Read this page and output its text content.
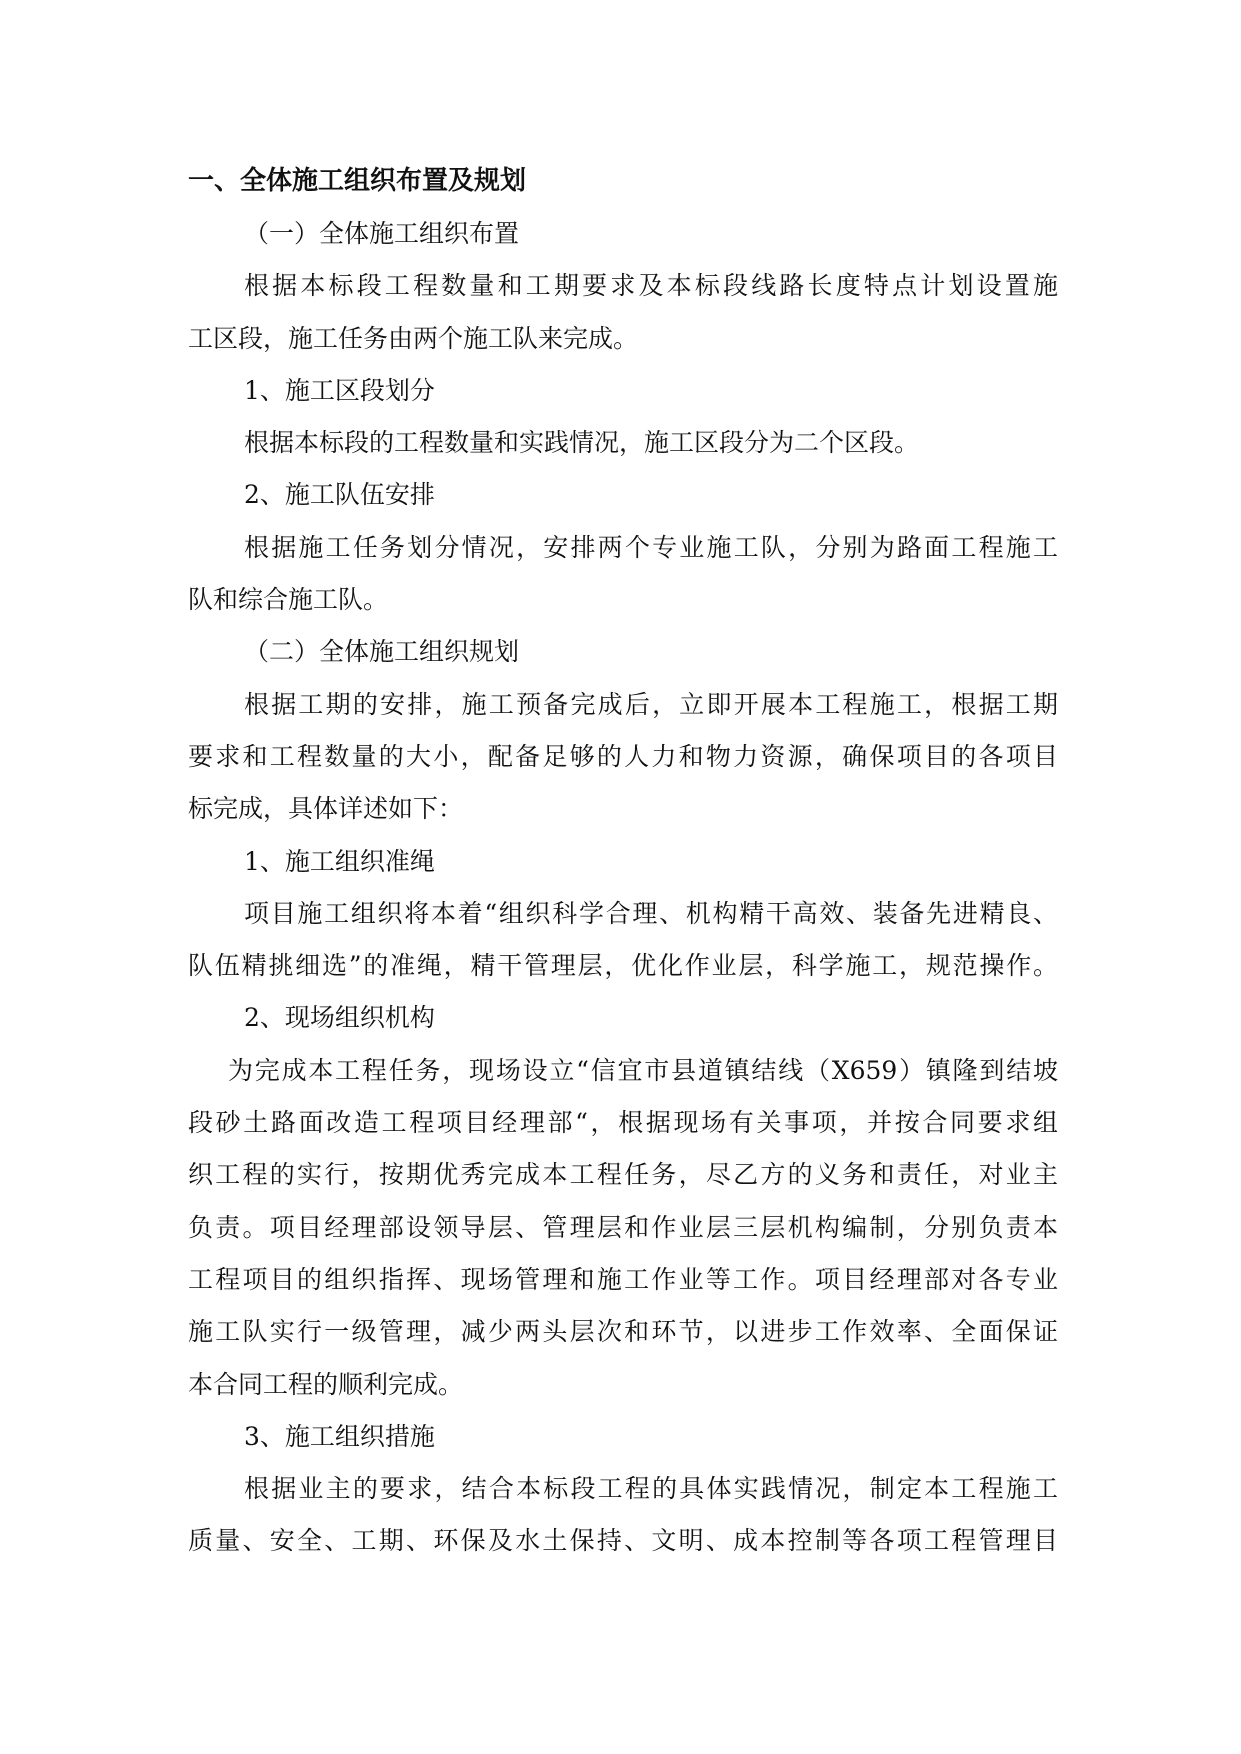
一、全体施工组织布置及规划

（一）全体施工组织布置

根据本标段工程数量和工期要求及本标段线路长度特点计划设置施

工区段，施工任务由两个施工队来完成。

1、施工区段划分

根据本标段的工程数量和实践情况，施工区段分为二个区段。

2、施工队伍安排

根据施工任务划分情况，安排两个专业施工队，分别为路面工程施工

队和综合施工队。

（二）全体施工组织规划

根据工期的安排，施工预备完成后，立即开展本工程施工，根据工期

要求和工程数量的大小，配备足够的人力和物力资源，确保项目的各项目

标完成，具体详述如下：

1、施工组织准绳

项目施工组织将本着“组织科学合理、机构精干高效、装备先进精良、

队伍精挑细选”的准绳，精干管理层，优化作业层，科学施工，规范操作。

2、现场组织机构

为完成本工程任务，现场设立“信宜市县道镇结线（X659）镇隆到结坡

段砂土路面改造工程项目经理部“，根据现场有关事项，并按合同要求组

织工程的实行，按期优秀完成本工程任务，尽乙方的义务和责任，对业主

负责。项目经理部设领导层、管理层和作业层三层机构编制，分别负责本

工程项目的组织指挥、现场管理和施工作业等工作。项目经理部对各专业

施工队实行一级管理，减少两头层次和环节，以进步工作效率、全面保证

本合同工程的顺利完成。

3、施工组织措施

根据业主的要求，结合本标段工程的具体实践情况，制定本工程施工

质量、安全、工期、环保及水土保持、文明、成本控制等各项工程管理目
